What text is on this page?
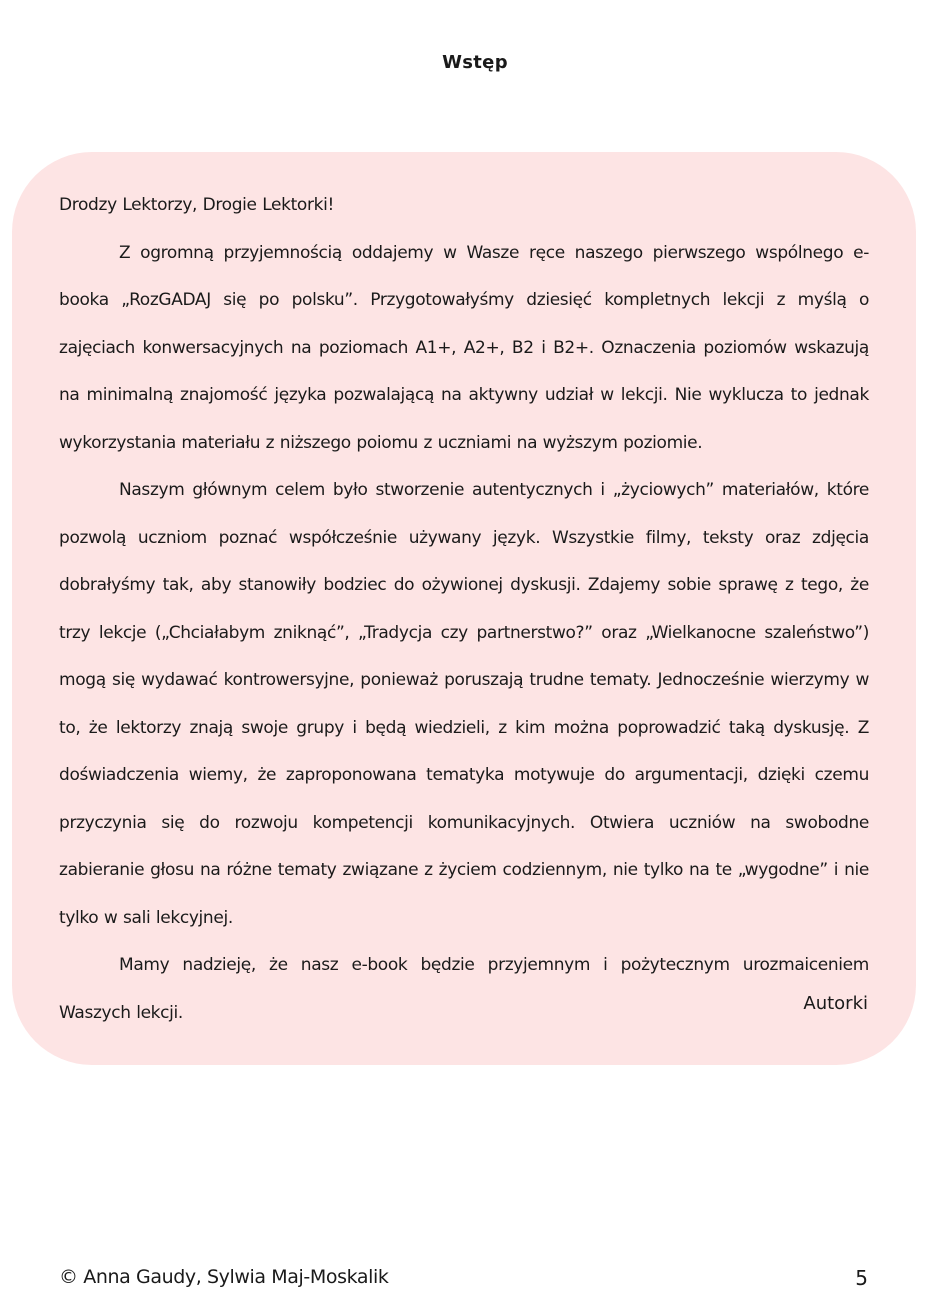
Wstęp

Drodzy Lektorzy, Drogie Lektorki!

Z ogromną przyjemnością oddajemy w Wasze ręce naszego pierwszego wspólnego e-booka „RozGADAJ się po polsku”. Przygotowałyśmy dziesięć kompletnych lekcji z myślą o zajęciach konwersacyjnych na poziomach A1+, A2+, B2 i B2+. Oznaczenia poziomów wskazują na minimalną znajomość języka pozwalającą na aktywny udział w lekcji. Nie wyklucza to jednak wykorzystania materiału z niższego poiomu z uczniami na wyższym poziomie.

Naszym głównym celem było stworzenie autentycznych i „życiowych” materiałów, które pozwolą uczniom poznać współcześnie używany język. Wszystkie filmy, teksty oraz zdjęcia dobrałyśmy tak, aby stanowiły bodziec do ożywionej dyskusji. Zdajemy sobie sprawę z tego, że trzy lekcje („Chciałabym zniknąć”, „Tradycja czy partnerstwo?” oraz „Wielkanocne szaleństwo”) mogą się wydawać kontrowersyjne, ponieważ poruszają trudne tematy. Jednocześnie wierzymy w to, że lektorzy znają swoje grupy i będą wiedzieli, z kim można poprowadzić taką dyskusję. Z doświadczenia wiemy, że zaproponowana tematyka motywuje do argumentacji, dzięki czemu przyczynia się do rozwoju kompetencji komunikacyjnych. Otwiera uczniów na swobodne zabieranie głosu na różne tematy związane z życiem codziennym, nie tylko na te „wygodne” i nie tylko w sali lekcyjnej.

Mamy nadzieję, że nasz e-book będzie przyjemnym i pożytecznym urozmaiceniem Waszych lekcji.	Autorki
© Anna Gaudy, Sylwia Maj-Moskalik	5
